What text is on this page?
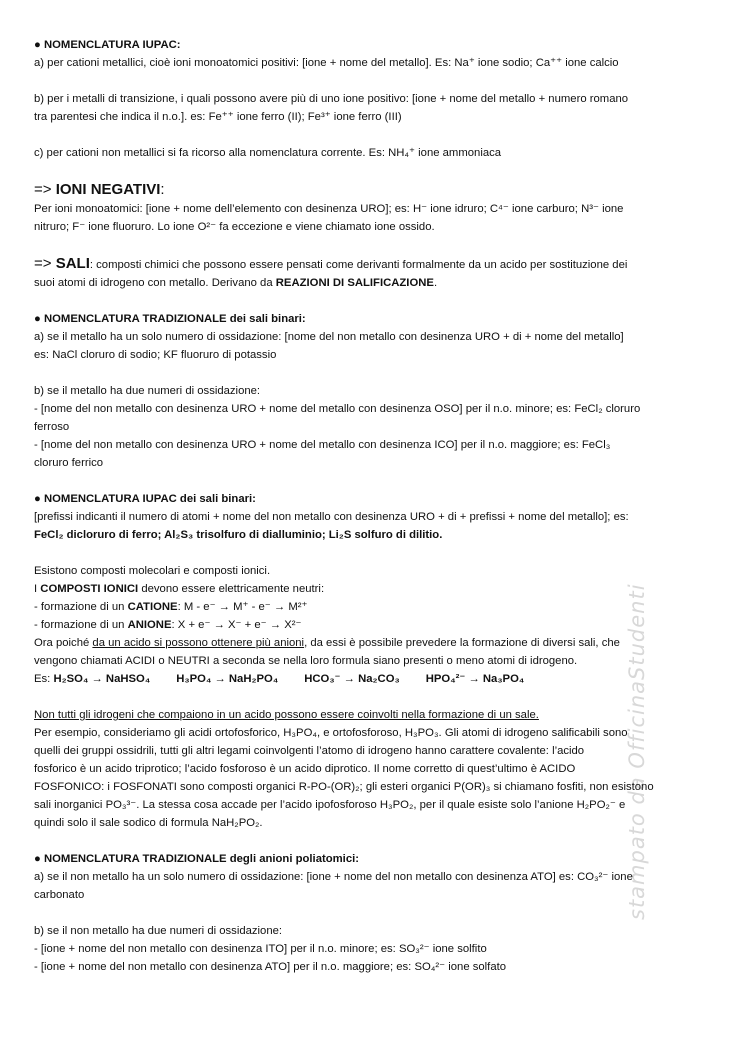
stampato da OfficinaStudenti

● NOMENCLATURA IUPAC:

a) per cationi metallici, cioè ioni monoatomici positivi: [ione + nome del metallo]. Es: Na⁺ ione sodio; Ca⁺⁺ ione calcio

b) per i metalli di transizione, i quali possono avere più di uno ione positivo: [ione + nome del metallo + numero romano

tra parentesi che indica il n.o.]. es: Fe⁺⁺ ione ferro (II); Fe³⁺ ione ferro (III)

c) per cationi non metallici si fa ricorso alla nomenclatura corrente. Es: NH₄⁺ ione ammoniaca

=> IONI NEGATIVI:

Per ioni monoatomici: [ione + nome dell’elemento con desinenza URO]; es: H⁻ ione idruro; C⁴⁻ ione carburo; N³⁻ ione

nitruro; F⁻ ione fluoruro. Lo ione O²⁻ fa eccezione e viene chiamato ione ossido.

=> SALI: composti chimici che possono essere pensati come derivanti formalmente da un acido per sostituzione dei

suoi atomi di idrogeno con metallo. Derivano da REAZIONI DI SALIFICAZIONE.

● NOMENCLATURA TRADIZIONALE dei sali binari:

a) se il metallo ha un solo numero di ossidazione: [nome del non metallo con desinenza URO + di + nome del metallo]

es: NaCl cloruro di sodio; KF fluoruro di potassio

b) se il metallo ha due numeri di ossidazione:

- [nome del non metallo con desinenza URO + nome del metallo con desinenza OSO] per il n.o. minore; es: FeCl₂ cloruro

ferroso

- [nome del non metallo con desinenza URO + nome del metallo con desinenza ICO] per il n.o. maggiore; es: FeCl₃

cloruro ferrico

● NOMENCLATURA IUPAC dei sali binari:

[prefissi indicanti il numero di atomi + nome del non metallo con desinenza URO + di + prefissi + nome del metallo]; es:

FeCl₂ dicloruro di ferro; Al₂S₃ trisolfuro di dialluminio; Li₂S solfuro di dilitio.

Esistono composti molecolari e composti ionici.

I COMPOSTI IONICI devono essere elettricamente neutri:

- formazione di un CATIONE: M - e⁻ → M⁺ - e⁻ → M²⁺

- formazione di un ANIONE: X + e⁻ → X⁻ + e⁻ → X²⁻

Ora poiché da un acido si possono ottenere più anioni, da essi è possibile prevedere la formazione di diversi sali, che

vengono chiamati ACIDI o NEUTRI a seconda se nella loro formula siano presenti o meno atomi di idrogeno.

Es: H₂SO₄ → NaHSO₄ H₃PO₄ → NaH₂PO₄ HCO₃⁻ → Na₂CO₃ HPO₄²⁻ → Na₃PO₄

Non tutti gli idrogeni che compaiono in un acido possono essere coinvolti nella formazione di un sale.

Per esempio, consideriamo gli acidi ortofosforico, H₃PO₄, e ortofosforoso, H₃PO₃. Gli atomi di idrogeno salificabili sono

quelli dei gruppi ossidrili, tutti gli altri legami coinvolgenti l’atomo di idrogeno hanno carattere covalente: l’acido

fosforico è un acido triprotico; l’acido fosforoso è un acido diprotico. Il nome corretto di quest’ultimo è ACIDO

FOSFONICO: i FOSFONATI sono composti organici R-PO-(OR)₂; gli esteri organici P(OR)₃ si chiamano fosfiti, non esistono

sali inorganici PO₃³⁻. La stessa cosa accade per l’acido ipofosforoso H₃PO₂, per il quale esiste solo l’anione H₂PO₂⁻ e

quindi solo il sale sodico di formula NaH₂PO₂.

● NOMENCLATURA TRADIZIONALE degli anioni poliatomici:

a) se il non metallo ha un solo numero di ossidazione: [ione + nome del non metallo con desinenza ATO] es: CO₃²⁻ ione

carbonato

b) se il non metallo ha due numeri di ossidazione:

- [ione + nome del non metallo con desinenza ITO] per il n.o. minore; es: SO₃²⁻ ione solfito

- [ione + nome del non metallo con desinenza ATO] per il n.o. maggiore; es: SO₄²⁻ ione solfato
